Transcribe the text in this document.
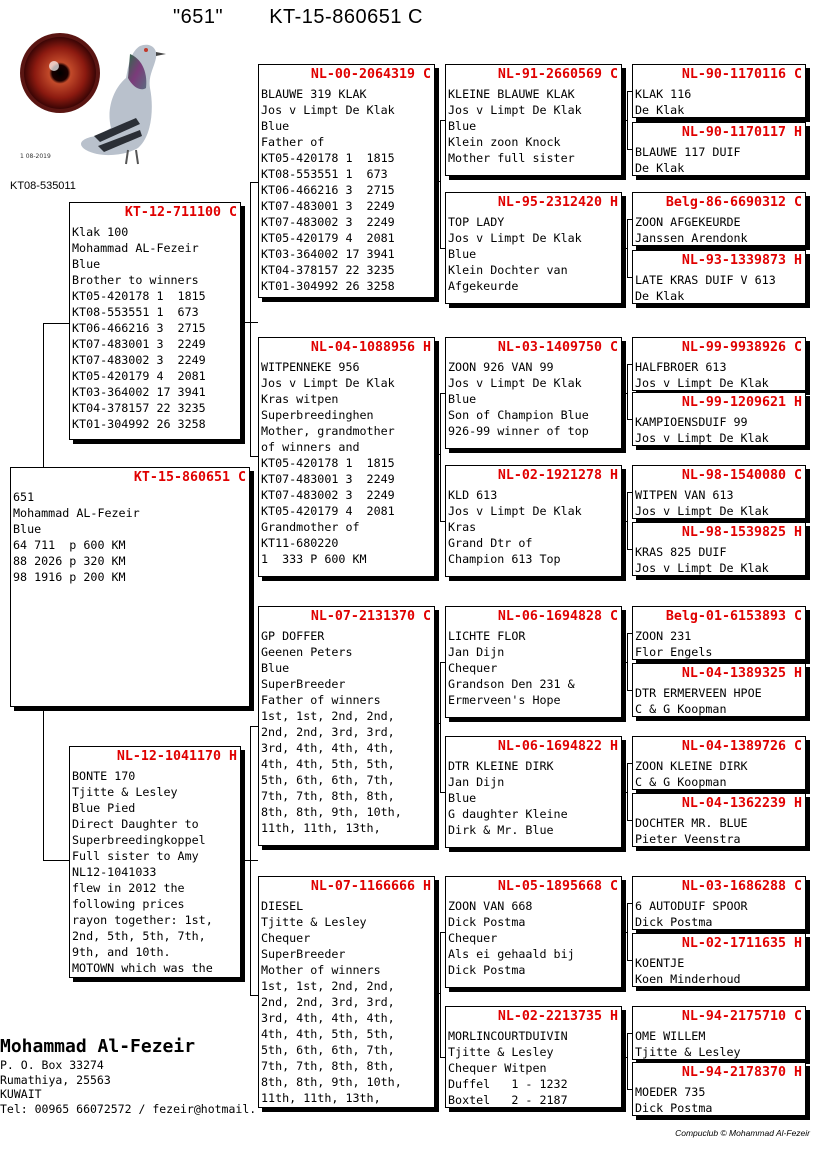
"651" KT-15-860651 C
1 08-2019
KT08-535011
KT-15-860651 C
651
Mohammad AL-Fezeir
Blue
64 711  p 600 KM
88 2026 p 320 KM
98 1916 p 200 KM
KT-12-711100 C
Klak 100
Mohammad AL-Fezeir
Blue
Brother to winners
KT05-420178 1  1815
KT08-553551 1  673
KT06-466216 3  2715
KT07-483001 3  2249
KT07-483002 3  2249
KT05-420179 4  2081
KT03-364002 17 3941
KT04-378157 22 3235
KT01-304992 26 3258
NL-12-1041170 H
BONTE 170
Tjitte & Lesley
Blue Pied
Direct Daughter to
Superbreedingkoppel
Full sister to Amy
NL12-1041033
flew in 2012 the
following prices
rayon together: 1st,
2nd, 5th, 5th, 7th,
9th, and 10th.
MOTOWN which was the
NL-00-2064319 C
BLAUWE 319 KLAK
Jos v Limpt De Klak
Blue
Father of
KT05-420178 1  1815
KT08-553551 1  673
KT06-466216 3  2715
KT07-483001 3  2249
KT07-483002 3  2249
KT05-420179 4  2081
KT03-364002 17 3941
KT04-378157 22 3235
KT01-304992 26 3258
NL-04-1088956 H
WITPENNEKE 956
Jos v Limpt De Klak
Kras witpen
Superbreedinghen
Mother, grandmother
of winners and
KT05-420178 1  1815
KT07-483001 3  2249
KT07-483002 3  2249
KT05-420179 4  2081
Grandmother of
KT11-680220
1  333 P 600 KM
NL-07-2131370 C
GP DOFFER
Geenen Peters
Blue
SuperBreeder
Father of winners
1st, 1st, 2nd, 2nd,
2nd, 2nd, 3rd, 3rd,
3rd, 4th, 4th, 4th,
4th, 4th, 5th, 5th,
5th, 6th, 6th, 7th,
7th, 7th, 8th, 8th,
8th, 8th, 9th, 10th,
11th, 11th, 13th,
NL-07-1166666 H
DIESEL
Tjitte & Lesley
Chequer
SuperBreeder
Mother of winners
1st, 1st, 2nd, 2nd,
2nd, 2nd, 3rd, 3rd,
3rd, 4th, 4th, 4th,
4th, 4th, 5th, 5th,
5th, 6th, 6th, 7th,
7th, 7th, 8th, 8th,
8th, 8th, 9th, 10th,
11th, 11th, 13th,
NL-91-2660569 C
KLEINE BLAUWE KLAK
Jos v Limpt De Klak
Blue
Klein zoon Knock
Mother full sister
NL-95-2312420 H
TOP LADY
Jos v Limpt De Klak
Blue
Klein Dochter van
Afgekeurde
NL-03-1409750 C
ZOON 926 VAN 99
Jos v Limpt De Klak
Blue
Son of Champion Blue
926-99 winner of top
NL-02-1921278 H
KLD 613
Jos v Limpt De Klak
Kras
Grand Dtr of
Champion 613 Top
NL-06-1694828 C
LICHTE FLOR
Jan Dijn
Chequer
Grandson Den 231 &
Ermerveen's Hope
NL-06-1694822 H
DTR KLEINE DIRK
Jan Dijn
Blue
G daughter Kleine
Dirk & Mr. Blue
NL-05-1895668 C
ZOON VAN 668
Dick Postma
Chequer
Als ei gehaald bij
Dick Postma
NL-02-2213735 H
MORLINCOURTDUIVIN
Tjitte & Lesley
Chequer Witpen
Duffel   1 - 1232
Boxtel   2 - 2187
NL-90-1170116 C
KLAK 116
De Klak
NL-90-1170117 H
BLAUWE 117 DUIF
De Klak
Belg-86-6690312 C
ZOON AFGEKEURDE
Janssen Arendonk
NL-93-1339873 H
LATE KRAS DUIF V 613
De Klak
NL-99-9938926 C
HALFBROER 613
Jos v Limpt De Klak
NL-99-1209621 H
KAMPIOENSDUIF 99
Jos v Limpt De Klak
NL-98-1540080 C
WITPEN VAN 613
Jos v Limpt De Klak
NL-98-1539825 H
KRAS 825 DUIF
Jos v Limpt De Klak
Belg-01-6153893 C
ZOON 231
Flor Engels
NL-04-1389325 H
DTR ERMERVEEN HPOE
C & G Koopman
NL-04-1389726 C
ZOON KLEINE DIRK
C & G Koopman
NL-04-1362239 H
DOCHTER MR. BLUE
Pieter Veenstra
NL-03-1686288 C
6 AUTODUIF SPOOR
Dick Postma
NL-02-1711635 H
KOENTJE
Koen Minderhoud
NL-94-2175710 C
OME WILLEM
Tjitte & Lesley
NL-94-2178370 H
MOEDER 735
Dick Postma
Mohammad Al-Fezeir
P. O. Box 33274
Rumathiya, 25563
KUWAIT
Tel: 00965 66072572 / fezeir@hotmail.
Compuclub © Mohammad Al-Fezeir
